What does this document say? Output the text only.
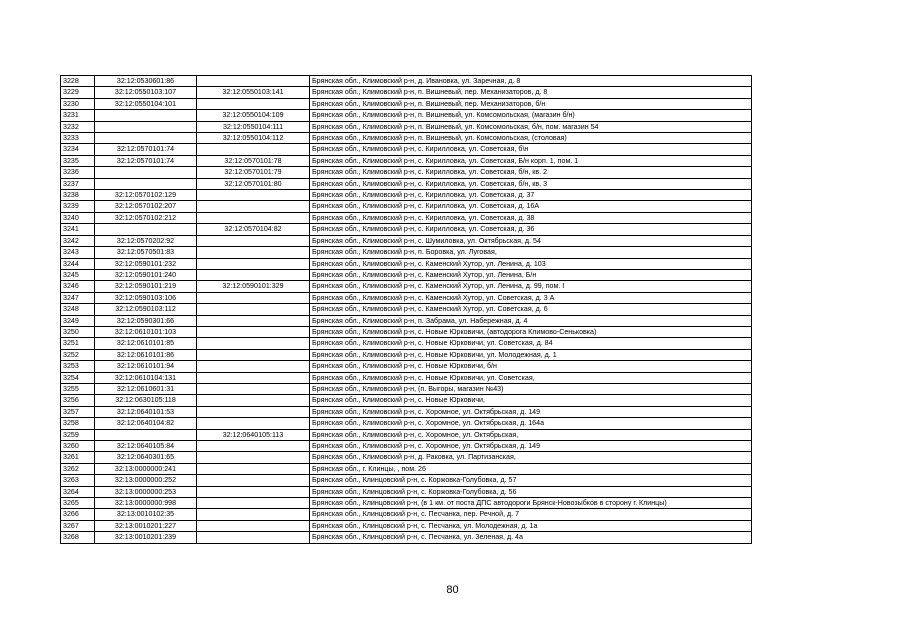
3228	32:12:0530601:86		Брянская обл., Климовский р-н, д. Ивановка, ул. Заречная, д. 8
3229	32:12:0550103:107	32:12:0550103:141	Брянская обл., Климовский р-н, п. Вишневый, пер. Механизаторов, д. 8
3230	32:12:0550104:101		Брянская обл., Климовский р-н, п. Вишневый, пер. Механизаторов, б/н
3231		32:12:0550104:109	Брянская обл., Климовский р-н, п. Вишневый, ул. Комсомольская, (магазин б/н)
3232		32:12:0550104:111	Брянская обл., Климовский р-н, п. Вишневый, ул. Комсомольская, б/н, пом. магазин 54
3233		32:12:0550104:112	Брянская обл., Климовский р-н, п. Вишневый, ул. Комсомольская, (столовая)
3234	32:12:0570101:74		Брянская обл., Климовский р-н, с. Кирилловка, ул. Советская, б\н
3235	32:12:0570101:74	32:12:0570101:78	Брянская обл., Климовский р-н, с. Кирилловка, ул. Советская, Б/н корп. 1, пом. 1
3236		32:12:0570101:79	Брянская обл., Климовский р-н, с. Кирилловка, ул. Советская, б/н, кв. 2
3237		32:12:0570101:80	Брянская обл., Климовский р-н, с. Кирилловка, ул. Советская, б/н, кв. 3
3238	32:12:0570102:129		Брянская обл., Климовский р-н, с. Кирилловка, ул. Советская, д. 37
3239	32:12:0570102:207		Брянская обл., Климовский р-н, с. Кирилловка, ул. Советская, д. 16А
3240	32:12:0570102:212		Брянская обл., Климовский р-н, с. Кирилловка, ул. Советская, д. 38
3241		32:12:0570104:82	Брянская обл., Климовский р-н, с. Кирилловка, ул. Советская, д. 36
3242	32:12:0570202:92		Брянская обл., Климовский р-н, с. Шумиловка, ул. Октябрьская, д. 54
3243	32:12:0570501:83		Брянская обл., Климовский р-н, п. Боровка, ул. Луговая,
3244	32:12:0590101:232		Брянская обл., Климовский р-н, с. Каменский Хутор, ул. Ленина, д. 103
3245	32:12:0590101:240		Брянская обл., Климовский р-н, с. Каменский Хутор, ул. Ленина, Б/н
3246	32:12:0590101:219	32:12:0590101:329	Брянская обл., Климовский р-н, с. Каменский Хутор, ул. Ленина, д. 99, пом. I
3247	32:12:0590103:106		Брянская обл., Климовский р-н, с. Каменский Хутор, ул. Советская, д. 3 А
3248	32:12:0590103:112		Брянская обл., Климовский р-н, с. Каменский Хутор, ул. Советская, д. 6
3249	32:12:0590301:66		Брянская обл., Климовский р-н, п. Забрама, ул. Набережная, д. 4
3250	32:12:0610101:103		Брянская обл., Климовский р-н, с. Новые Юрковичи, (автодорога Климово-Сеньковка)
3251	32:12:0610101:85		Брянская обл., Климовский р-н, с. Новые Юрковичи, ул. Советская, д. 84
3252	32:12:0610101:86		Брянская обл., Климовский р-н, с. Новые Юрковичи, ул. Молодежная, д. 1
3253	32:12:0610101:94		Брянская обл., Климовский р-н, с. Новые Юрковичи, б/н
3254	32:12:0610104:131		Брянская обл., Климовский р-н, с. Новые Юрковичи, ул. Советская,
3255	32:12:0610601:31		Брянская обл., Климовский р-н, (п. Выгоры, магазин №43)
3256	32:12:0630105:118		Брянская обл., Климовский р-н, с. Новые Юрковичи,
3257	32:12:0640101:53		Брянская обл., Климовский р-н, с. Хоромное, ул. Октябрьская, д. 149
3258	32:12:0640104:82		Брянская обл., Климовский р-н, с. Хоромное, ул. Октябрьская, д. 164а
3259		32:12:0640105:113	Брянская обл., Климовский р-н, с. Хоромное, ул. Октябрьская,
3260	32:12:0640105:84		Брянская обл., Климовский р-н, с. Хоромное, ул. Октябрьская, д. 149
3261	32:12:0640301:65		Брянская обл., Климовский р-н, д. Раковка, ул. Партизанская,
3262	32:13:0000000:241		Брянская обл., г. Клинцы, , пом. 26
3263	32:13:0000000:252		Брянская обл., Клинцовский р-н, с. Коржовка-Голубовка, д. 57
3264	32:13:0000000:253		Брянская обл., Клинцовский р-н, с. Коржовка-Голубовка, д. 56
3265	32:13:0000000:998		Брянская обл., Клинцовский р-н, (в 1 км. от поста ДПС автодороги Брянск-Новозыбков в сторону г. Клинцы)
3266	32:13:0010102:35		Брянская обл., Клинцовский р-н, с. Песчанка, пер. Речной, д. 7
3267	32:13:0010201:227		Брянская обл., Клинцовский р-н, с. Песчанка, ул. Молодежная, д. 1а
3268	32:13:0010201:239		Брянская обл., Клинцовский р-н, с. Песчанка, ул. Зеленая, д. 4а
80
